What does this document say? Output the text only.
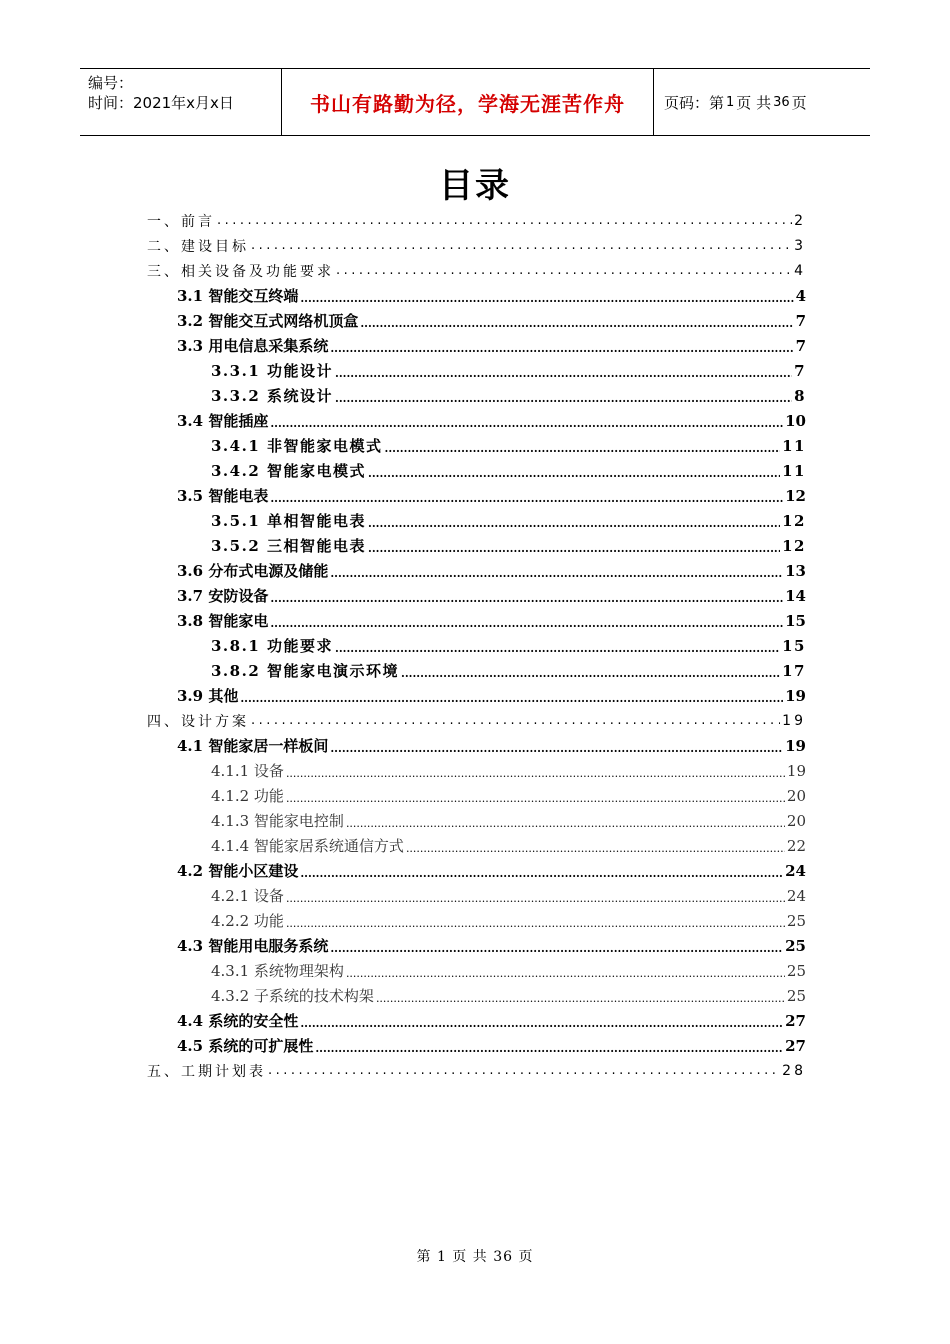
编号：
时间：2021年x月x日	书山有路勤为径，学海无涯苦作舟	页码：第 1 页 共 36 页
目录
一、前言 .....	2
二、建设目标 .....	3
三、相关设备及功能要求 .....	4
3.1 智能交互终端 .....	4
3.2 智能交互式网络机顶盒 .....	7
3.3 用电信息采集系统 .....	7
3.3.1 功能设计 .....	7
3.3.2 系统设计 .....	8
3.4 智能插座 .....	10
3.4.1 非智能家电模式 .....	11
3.4.2 智能家电模式 .....	11
3.5 智能电表 .....	12
3.5.1 单相智能电表 .....	12
3.5.2 三相智能电表 .....	12
3.6 分布式电源及储能 .....	13
3.7 安防设备 .....	14
3.8 智能家电 .....	15
3.8.1 功能要求 .....	15
3.8.2 智能家电演示环境 .....	17
3.9 其他 .....	19
四、设计方案 .....	19
4.1 智能家居一样板间 .....	19
4.1.1 设备 .....	19
4.1.2 功能 .....	20
4.1.3 智能家电控制 .....	20
4.1.4 智能家居系统通信方式 .....	22
4.2 智能小区建设 .....	24
4.2.1 设备 .....	24
4.2.2 功能 .....	25
4.3 智能用电服务系统 .....	25
4.3.1 系统物理架构 .....	25
4.3.2 子系统的技术构架 .....	25
4.4 系统的安全性 .....	27
4.5 系统的可扩展性 .....	27
五、工期计划表 .....	28
第 1 页 共 36 页
